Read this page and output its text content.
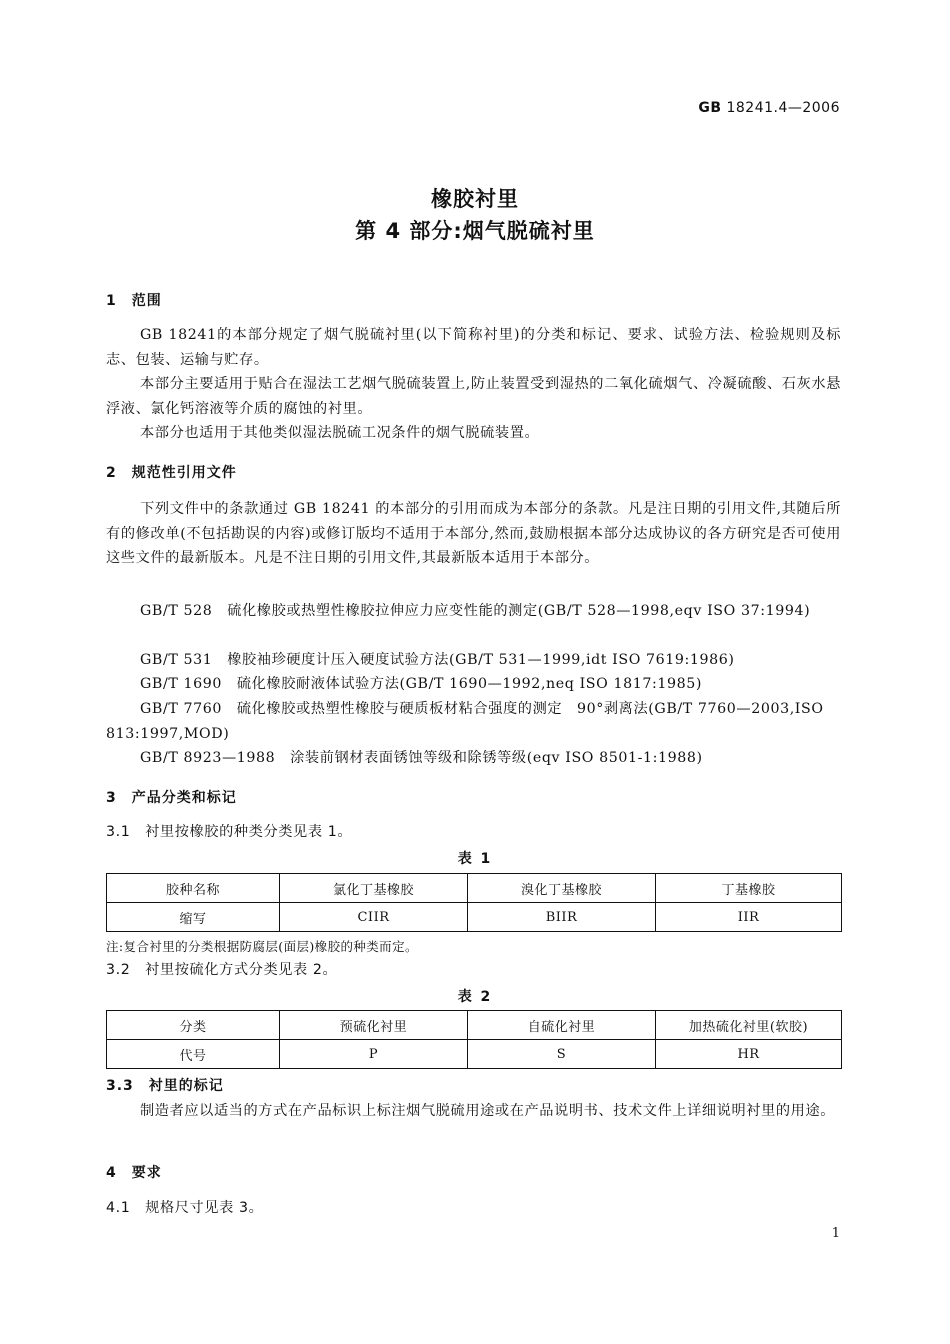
GB 18241.4—2006
橡胶衬里
第 4 部分:烟气脱硫衬里
1　范围
GB 18241的本部分规定了烟气脱硫衬里(以下简称衬里)的分类和标记、要求、试验方法、检验规则及标志、包装、运输与贮存。
本部分主要适用于贴合在湿法工艺烟气脱硫装置上,防止装置受到湿热的二氧化硫烟气、冷凝硫酸、石灰水悬浮液、氯化钙溶液等介质的腐蚀的衬里。
本部分也适用于其他类似湿法脱硫工况条件的烟气脱硫装置。
2　规范性引用文件
下列文件中的条款通过 GB 18241 的本部分的引用而成为本部分的条款。凡是注日期的引用文件,其随后所有的修改单(不包括勘误的内容)或修订版均不适用于本部分,然而,鼓励根据本部分达成协议的各方研究是否可使用这些文件的最新版本。凡是不注日期的引用文件,其最新版本适用于本部分。
GB/T 528　 硫化橡胶或热塑性橡胶拉伸应力应变性能的测定(GB/T 528—1998,eqv ISO 37:1994)
GB/T 531　 橡胶袖珍硬度计压入硬度试验方法(GB/T 531—1999,idt ISO 7619:1986)
GB/T 1690　 硫化橡胶耐液体试验方法(GB/T 1690—1992,neq ISO 1817:1985)
GB/T 7760　 硫化橡胶或热塑性橡胶与硬质板材粘合强度的测定　90°剥离法(GB/T 7760—2003,ISO 813:1997,MOD)
GB/T 8923—1988　 涂装前钢材表面锈蚀等级和除锈等级(eqv ISO 8501-1:1988)
3　产品分类和标记
3.1　衬里按橡胶的种类分类见表 1。
表 1
胶种名称	氯化丁基橡胶	溴化丁基橡胶	丁基橡胶
缩写	CIIR	BIIR	IIR
注:复合衬里的分类根据防腐层(面层)橡胶的种类而定。
3.2　衬里按硫化方式分类见表 2。
表 2
分类	预硫化衬里	自硫化衬里	加热硫化衬里(软胶)
代号	P	S	HR
3.3　衬里的标记
制造者应以适当的方式在产品标识上标注烟气脱硫用途或在产品说明书、技术文件上详细说明衬里的用途。
4　要求
4.1　规格尺寸见表 3。
1
